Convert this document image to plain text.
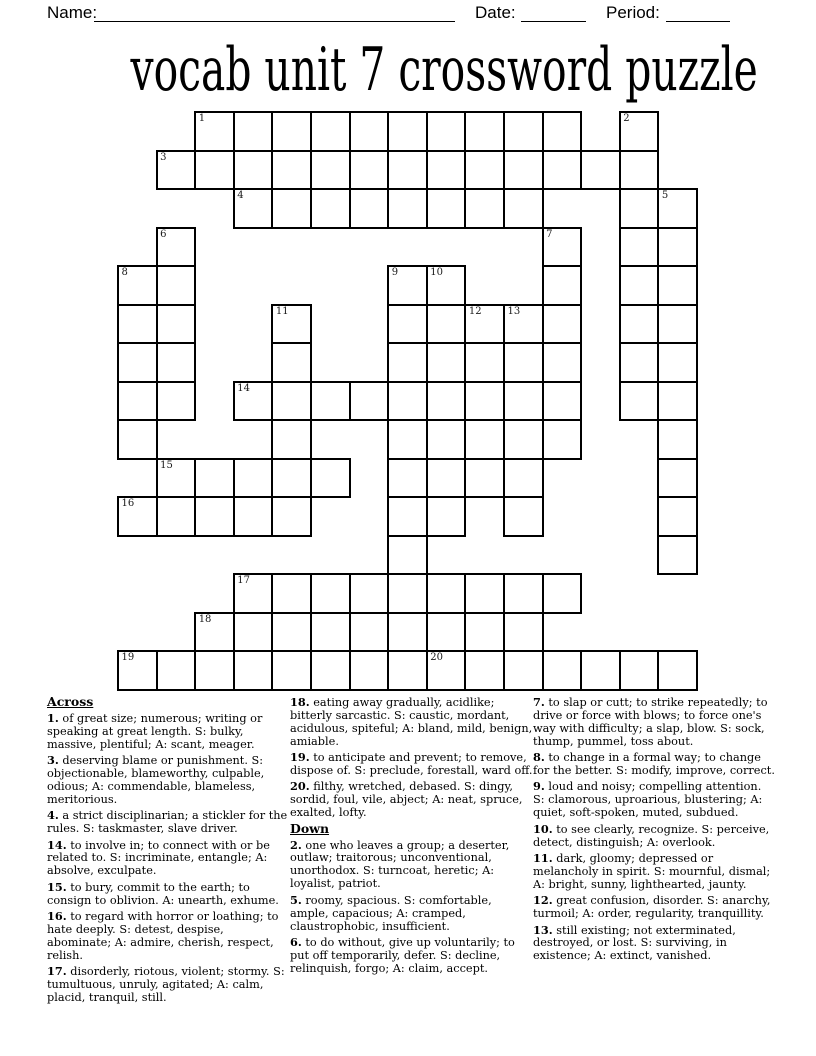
Name:	Date:	Period:
vocab unit 7 crossword puzzle
1	2
3
4	5
6	7
8	9	10
11	12	13
14
15
16
17
18
19	20
Across

1. of great size; numerous; writing or speaking at great length. S: bulky, massive, plentiful; A: scant, meager.

3. deserving blame or punishment. S: objectionable, blameworthy, culpable, odious; A: commendable, blameless, meritorious.

4. a strict disciplinarian; a stickler for the rules. S: taskmaster, slave driver.

14. to involve in; to connect with or be related to. S: incriminate, entangle; A: absolve, exculpate.

15. to bury, commit to the earth; to consign to oblivion. A: unearth, exhume.

16. to regard with horror or loathing; to hate deeply. S: detest, despise, abominate; A: admire, cherish, respect, relish.

17. disorderly, riotous, violent; stormy. S: tumultuous, unruly, agitated; A: calm, placid, tranquil, still.

18. eating away gradually, acidlike; bitterly sarcastic. S: caustic, mordant, acidulous, spiteful; A: bland, mild, benign, amiable.

19. to anticipate and prevent; to remove, dispose of. S: preclude, forestall, ward off.

20. filthy, wretched, debased. S: dingy, sordid, foul, vile, abject; A: neat, spruce, exalted, lofty.

Down

2. one who leaves a group; a deserter, outlaw; traitorous; unconventional, unorthodox. S: turncoat, heretic; A: loyalist, patriot.

5. roomy, spacious. S: comfortable, ample, capacious; A: cramped, claustrophobic, insufficient.

6. to do without, give up voluntarily; to put off temporarily, defer. S: decline, relinquish, forgo; A: claim, accept.

7. to slap or cutt; to strike repeatedly; to drive or force with blows; to force one's way with difficulty; a slap, blow. S: sock, thump, pummel, toss about.

8. to change in a formal way; to change for the better. S: modify, improve, correct.

9. loud and noisy; compelling attention. S: clamorous, uproarious, blustering; A: quiet, soft-spoken, muted, subdued.

10. to see clearly, recognize. S: perceive, detect, distinguish; A: overlook.

11. dark, gloomy; depressed or melancholy in spirit. S: mournful, dismal; A: bright, sunny, lighthearted, jaunty.

12. great confusion, disorder. S: anarchy, turmoil; A: order, regularity, tranquillity.

13. still existing; not exterminated, destroyed, or lost. S: surviving, in existence; A: extinct, vanished.
